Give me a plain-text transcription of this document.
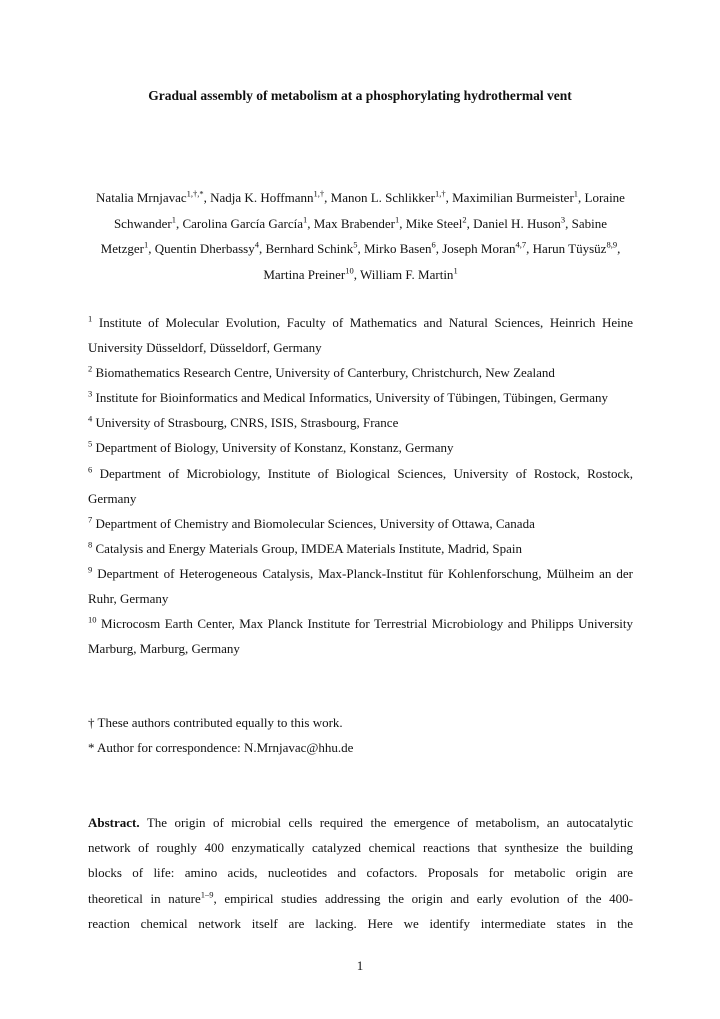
Gradual assembly of metabolism at a phosphorylating hydrothermal vent
Natalia Mrnjavac$^{1,\dagger,*}$, Nadja K. Hoffmann$^{1,\dagger}$, Manon L. Schlikker$^{1,\dagger}$, Maximilian Burmeister$^1$, Loraine Schwander$^1$, Carolina García García$^1$, Max Brabender$^1$, Mike Steel$^2$, Daniel H. Huson$^3$, Sabine Metzger$^1$, Quentin Dherbassy$^4$, Bernhard Schink$^5$, Mirko Basen$^6$, Joseph Moran$^{4,7}$, Harun Tüysüz$^{8,9}$, Martina Preiner$^{10}$, William F. Martin$^1$
$^1$ Institute of Molecular Evolution, Faculty of Mathematics and Natural Sciences, Heinrich Heine University Düsseldorf, Düsseldorf, Germany
$^2$ Biomathematics Research Centre, University of Canterbury, Christchurch, New Zealand
$^3$ Institute for Bioinformatics and Medical Informatics, University of Tübingen, Tübingen, Germany
$^4$ University of Strasbourg, CNRS, ISIS, Strasbourg, France
$^5$ Department of Biology, University of Konstanz, Konstanz, Germany
$^6$ Department of Microbiology, Institute of Biological Sciences, University of Rostock, Rostock, Germany
$^7$ Department of Chemistry and Biomolecular Sciences, University of Ottawa, Canada
$^8$ Catalysis and Energy Materials Group, IMDEA Materials Institute, Madrid, Spain
$^9$ Department of Heterogeneous Catalysis, Max-Planck-Institut für Kohlenforschung, Mülheim an der Ruhr, Germany
$^{10}$ Microcosm Earth Center, Max Planck Institute for Terrestrial Microbiology and Philipps University Marburg, Marburg, Germany
† These authors contributed equally to this work.
* Author for correspondence: N.Mrnjavac@hhu.de
Abstract. The origin of microbial cells required the emergence of metabolism, an autocatalytic
network of roughly 400 enzymatically catalyzed chemical reactions that synthesize the building
blocks of life: amino acids, nucleotides and cofactors. Proposals for metabolic origin are
theoretical in nature$^{1-9}$, empirical studies addressing the origin and early evolution of the 400-
reaction chemical network itself are lacking. Here we identify intermediate states in the
1
